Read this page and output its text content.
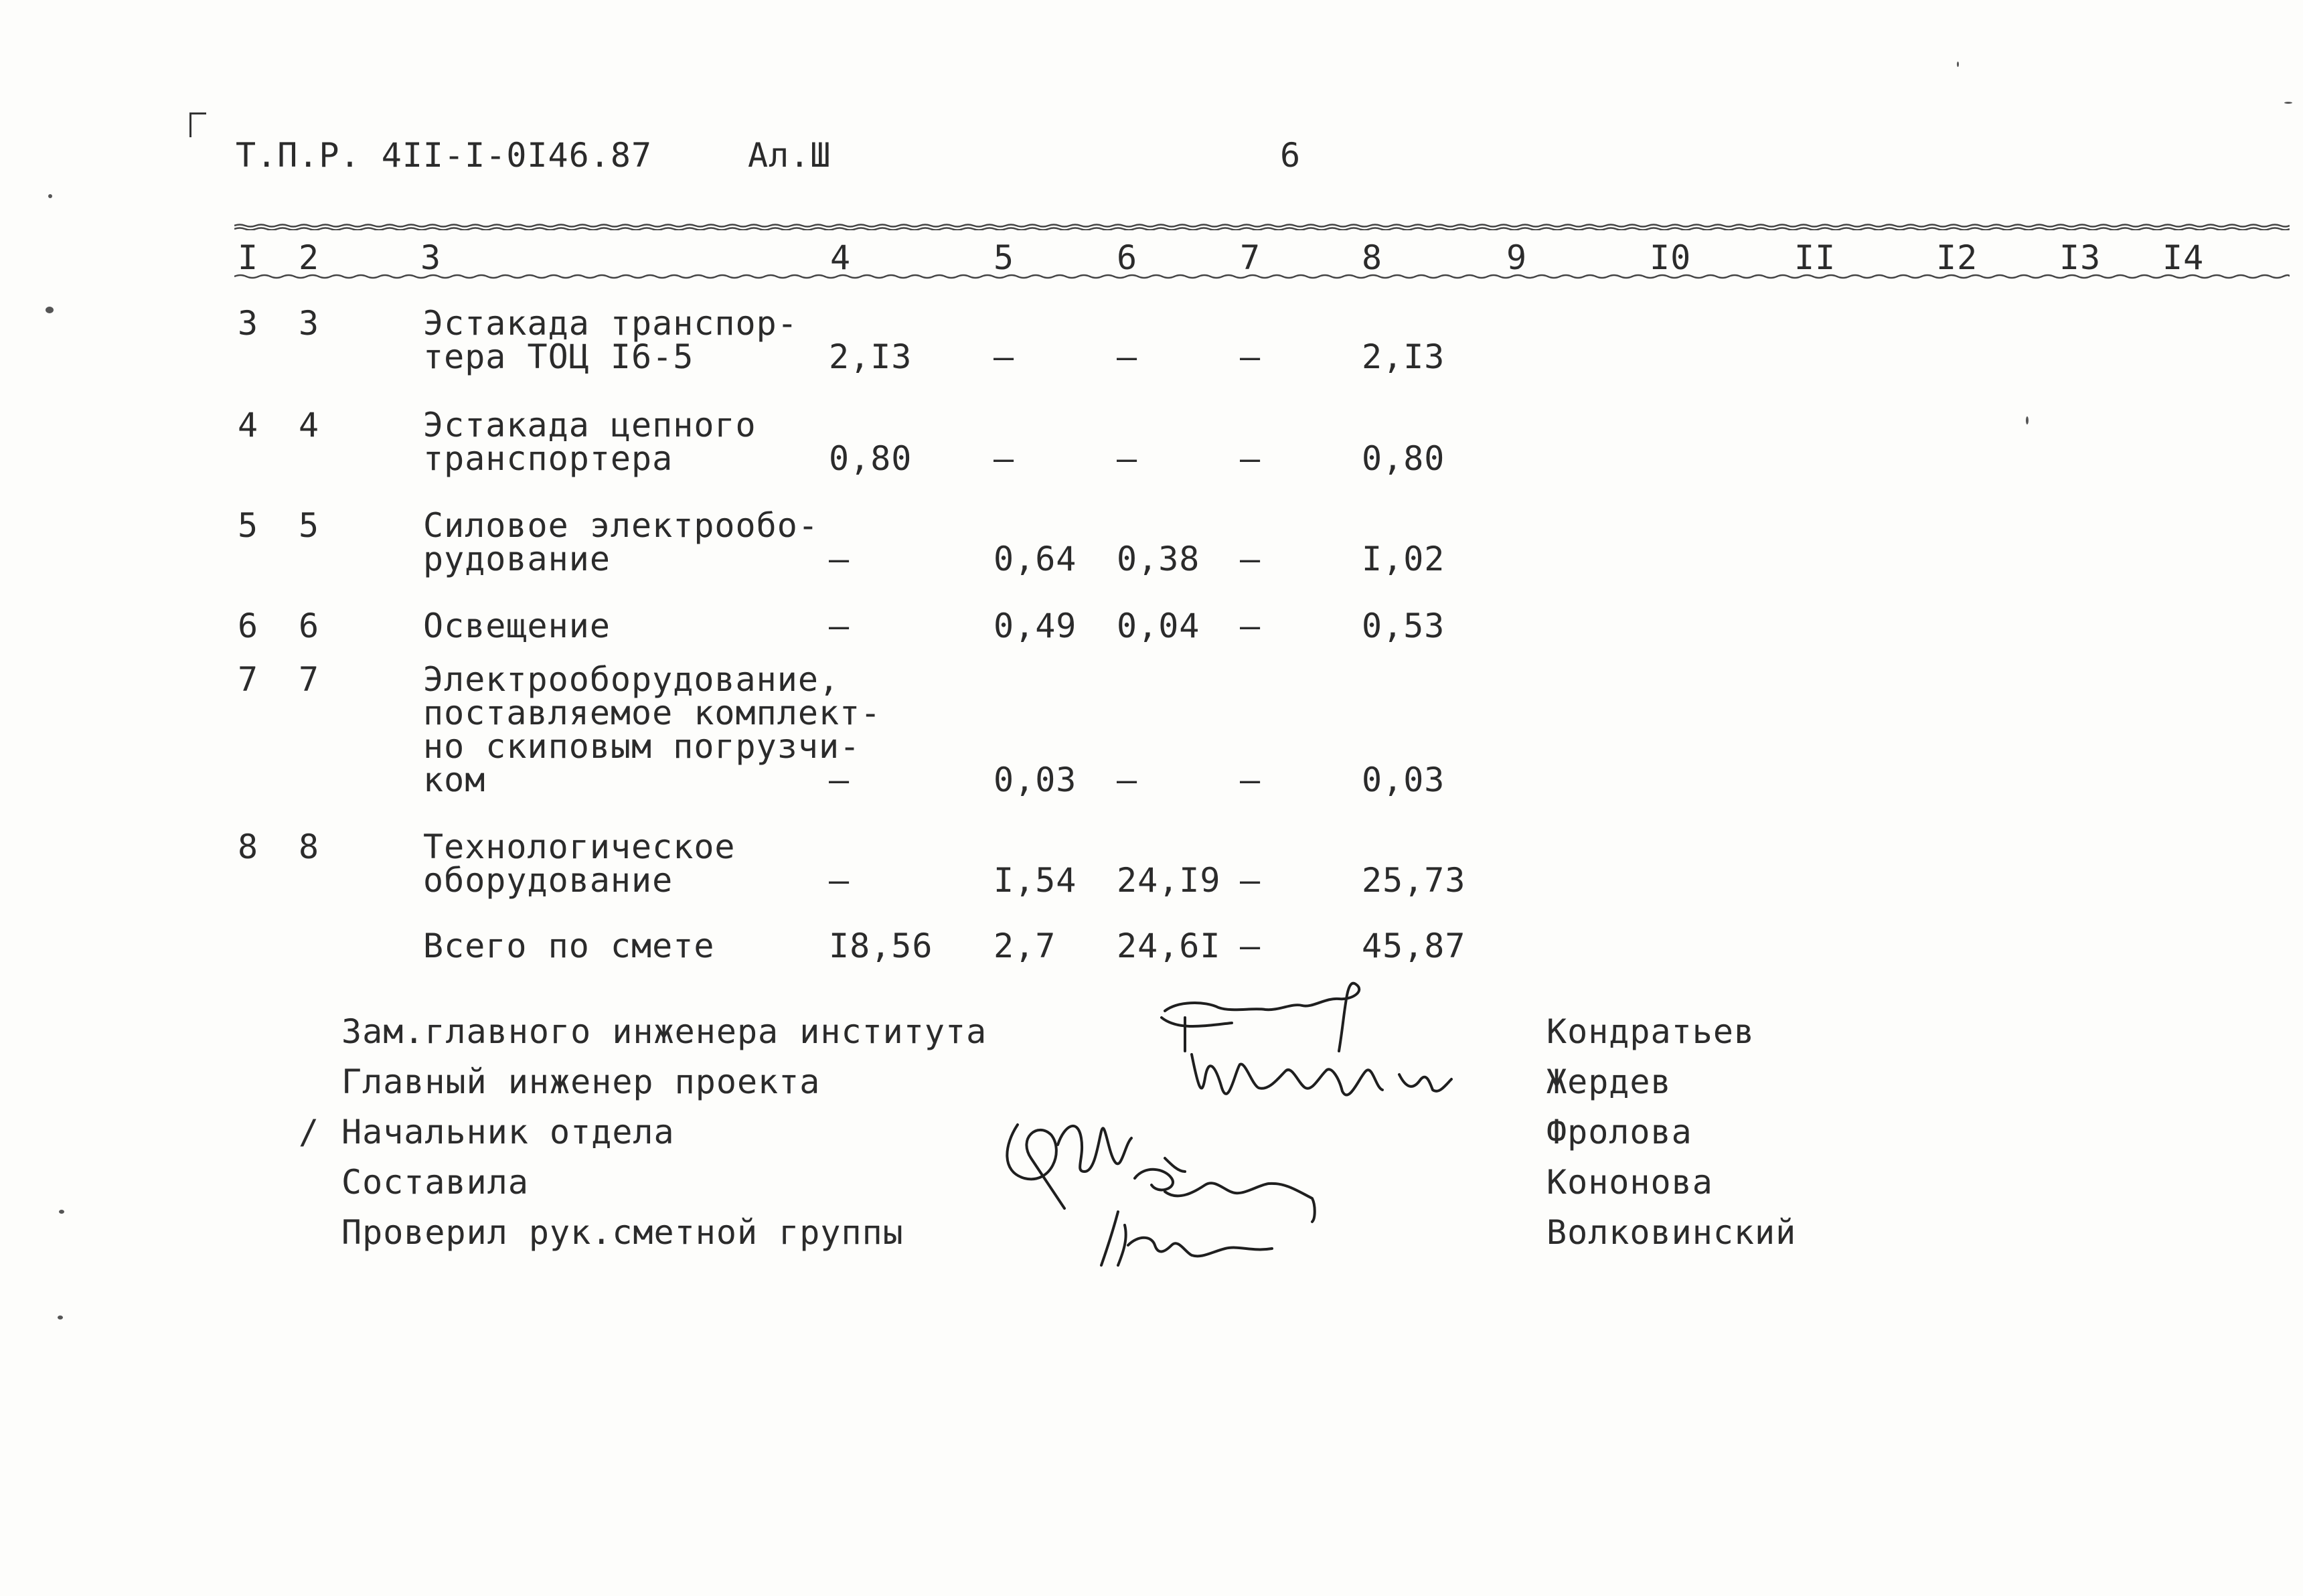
Т.П.Р. 4II-I-0I46.87	Ал.Ш	6
I 2	3	4	5	6	7	8	9	I0	II	I2 I3 I4
3 3	Эстакада транспор-
тера ТОЦ I6-5	2,I3 –	–	–	2,I3
4 4	Эстакада цепного
транспортера	0,80 –	–	–	0,80
5 5	Силовое электрообо-
рудование	–	0,64 0,38 –	I,02
6 6	Освещение	–	0,49 0,04 –	0,53
7 7	Электрооборудование,
поставляемое комплект-
но скиповым погрузчи-
ком	–	0,03 –	–	0,03
8 8	Технологическое
оборудование	–	I,54 24,I9 –	25,73
Всего по смете	I8,56 2,7 24,6I –	45,87
Зам.главного инженера института	Кондратьев
Главный инженер проекта	Жердев
Начальник отдела	Фролова
Составила	Кононова
Проверил рук.сметной группы	Волковинский
/
